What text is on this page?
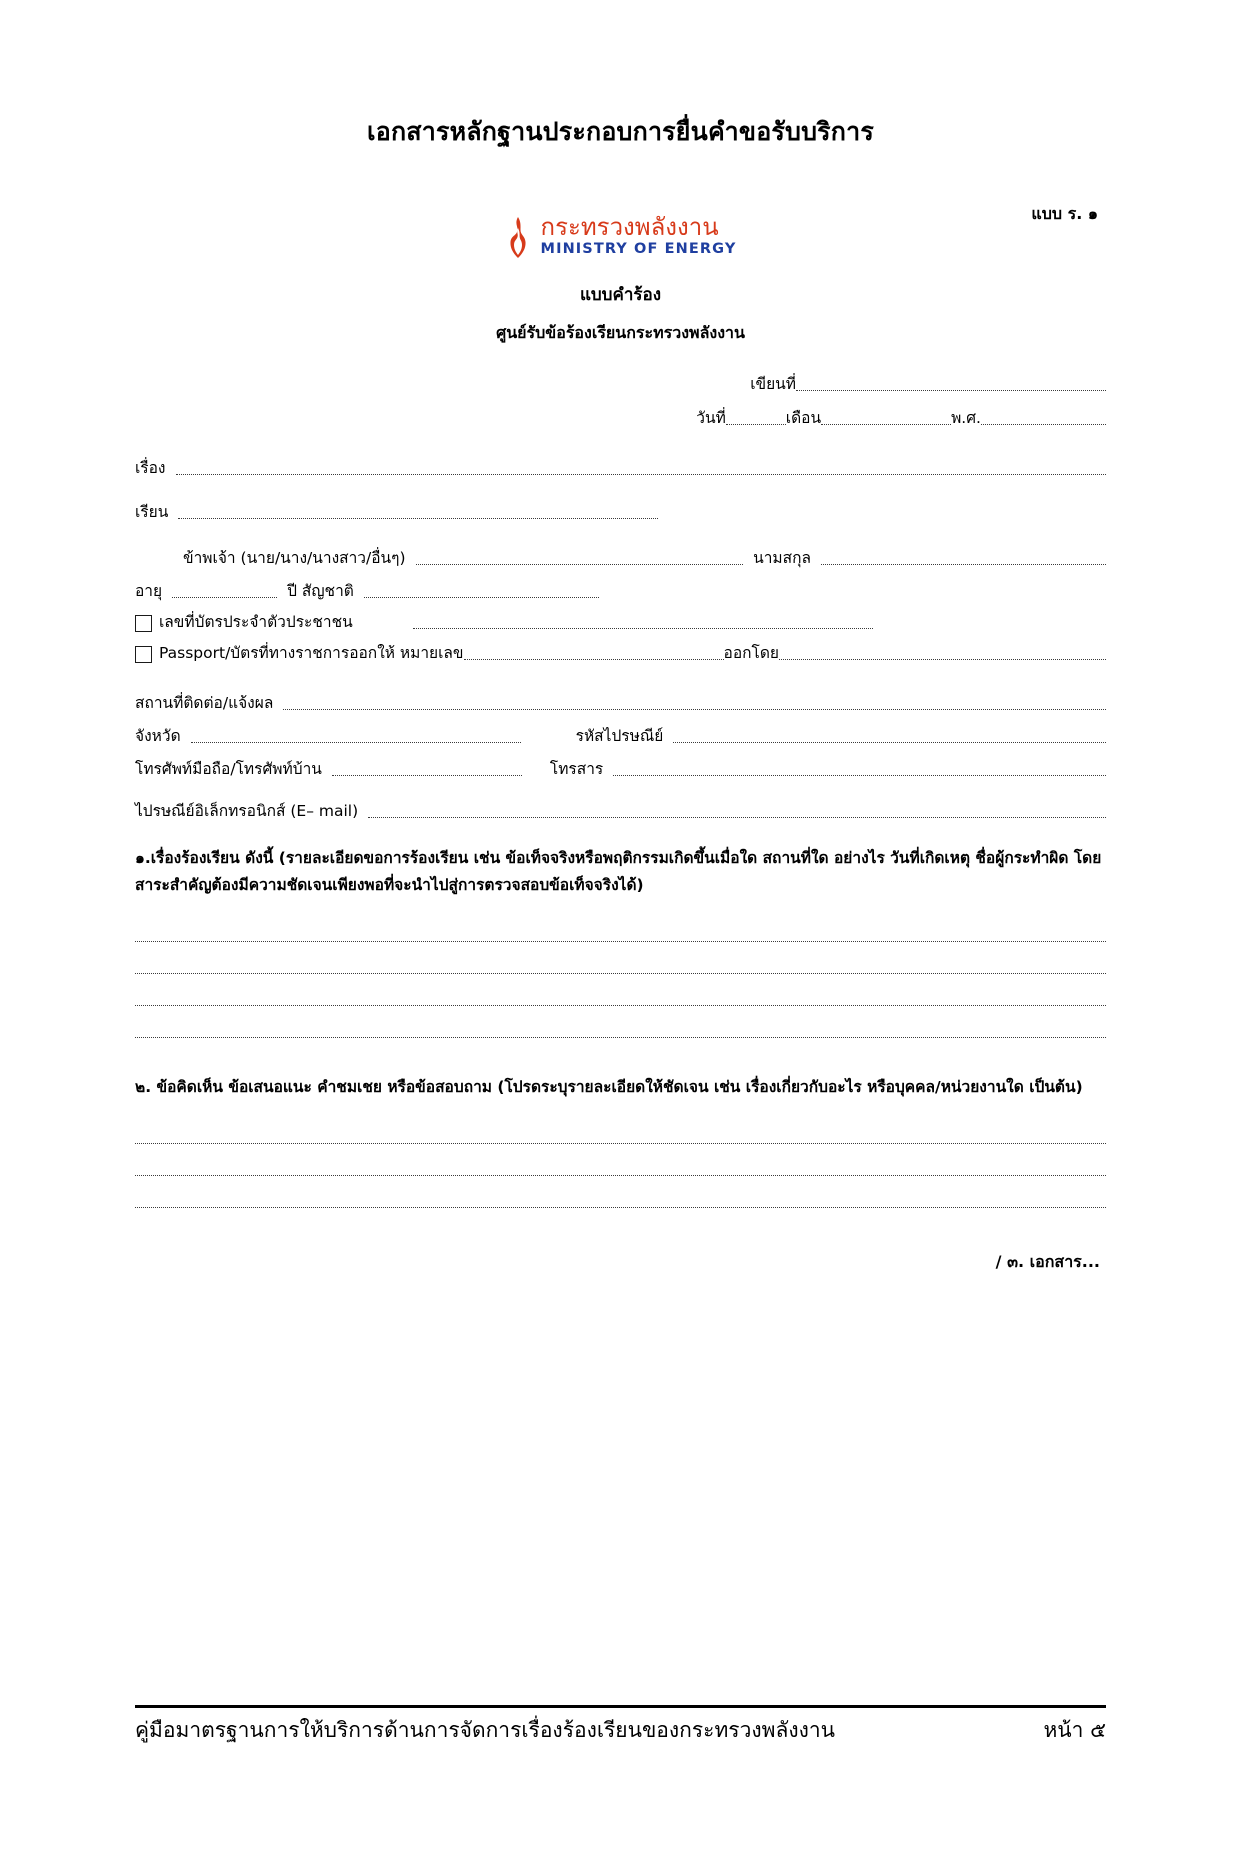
เอกสารหลักฐานประกอบการยื่นคำขอรับบริการ
แบบ ร. ๑
กระทรวงพลังงาน
MINISTRY OF ENERGY
แบบคำร้อง
ศูนย์รับข้อร้องเรียนกระทรวงพลังงาน
เขียนที่
วันที่	เดือน	พ.ศ.
เรื่อง
เรียน
ข้าพเจ้า (นาย/นาง/นางสาว/อื่นๆ)	นามสกุล
อายุ	ปี สัญชาติ
เลขที่บัตรประจำตัวประชาชน
Passport/บัตรที่ทางราชการออกให้ หมายเลข	ออกโดย
สถานที่ติดต่อ/แจ้งผล
จังหวัด	รหัสไปรษณีย์
โทรศัพท์มือถือ/โทรศัพท์บ้าน	โทรสาร
ไปรษณีย์อิเล็กทรอนิกส์ (E– mail)
๑.เรื่องร้องเรียน ดังนี้ (รายละเอียดขอการร้องเรียน เช่น ข้อเท็จจริงหรือพฤติกรรมเกิดขึ้นเมื่อใด สถานที่ใด อย่างไร วันที่เกิดเหตุ ชื่อผู้กระทำผิด โดยสาระสำคัญต้องมีความชัดเจนเพียงพอที่จะนำไปสู่การตรวจสอบข้อเท็จจริงได้)
๒. ข้อคิดเห็น ข้อเสนอแนะ คำชมเชย หรือข้อสอบถาม (โปรดระบุรายละเอียดให้ชัดเจน เช่น เรื่องเกี่ยวกับอะไร หรือบุคคล/หน่วยงานใด เป็นต้น)
/ ๓. เอกสาร...
คู่มือมาตรฐานการให้บริการด้านการจัดการเรื่องร้องเรียนของกระทรวงพลังงาน	หน้า ๕
